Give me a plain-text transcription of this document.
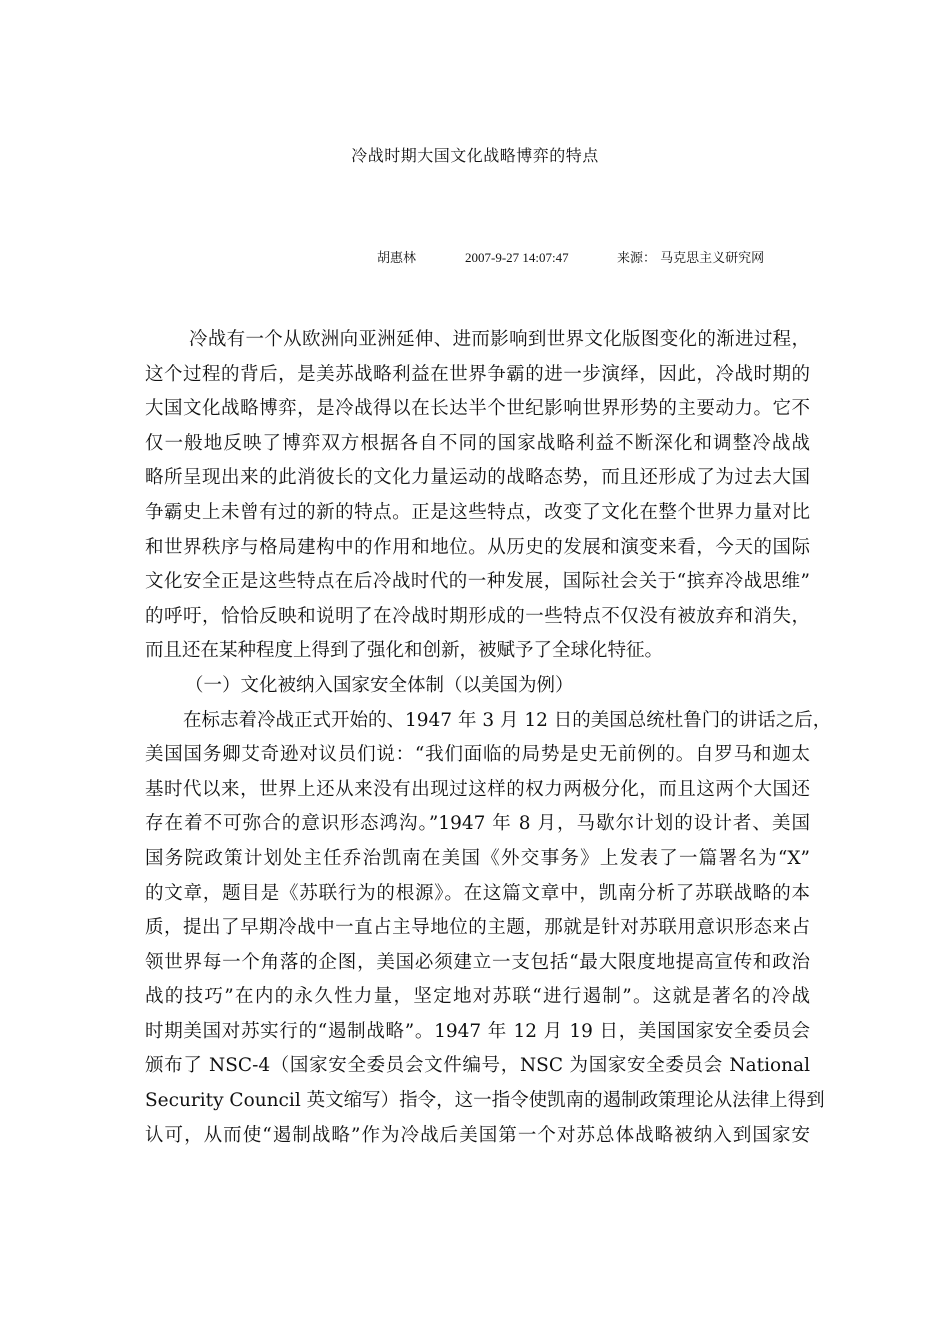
冷战时期大国文化战略博弈的特点
胡惠林	2007-9-27 14:07:47	来源： 马克思主义研究网
冷战有一个从欧洲向亚洲延伸、进而影响到世界文化版图变化的渐进过程，
这个过程的背后，是美苏战略利益在世界争霸的进一步演绎，因此，冷战时期的
大国文化战略博弈，是冷战得以在长达半个世纪影响世界形势的主要动力。它不
仅一般地反映了博弈双方根据各自不同的国家战略利益不断深化和调整冷战战
略所呈现出来的此消彼长的文化力量运动的战略态势，而且还形成了为过去大国
争霸史上未曾有过的新的特点。正是这些特点，改变了文化在整个世界力量对比
和世界秩序与格局建构中的作用和地位。从历史的发展和演变来看，今天的国际
文化安全正是这些特点在后冷战时代的一种发展，国际社会关于“摈弃冷战思维”
的呼吁，恰恰反映和说明了在冷战时期形成的一些特点不仅没有被放弃和消失，
而且还在某种程度上得到了强化和创新，被赋予了全球化特征。
（一）文化被纳入国家安全体制（以美国为例）
在标志着冷战正式开始的、1947 年 3 月 12 日的美国总统杜鲁门的讲话之后，
美国国务卿艾奇逊对议员们说：“我们面临的局势是史无前例的。自罗马和迦太
基时代以来，世界上还从来没有出现过这样的权力两极分化，而且这两个大国还
存在着不可弥合的意识形态鸿沟。”1947 年 8 月，马歇尔计划的设计者、美国
国务院政策计划处主任乔治凯南在美国《外交事务》上发表了一篇署名为“X”
的文章，题目是《苏联行为的根源》。在这篇文章中，凯南分析了苏联战略的本
质，提出了早期冷战中一直占主导地位的主题，那就是针对苏联用意识形态来占
领世界每一个角落的企图，美国必须建立一支包括“最大限度地提高宣传和政治
战的技巧”在内的永久性力量，坚定地对苏联“进行遏制”。这就是著名的冷战
时期美国对苏实行的“遏制战略”。1947 年 12 月 19 日，美国国家安全委员会
颁布了 NSC-4（国家安全委员会文件编号，NSC 为国家安全委员会 National
Security Council 英文缩写）指令，这一指令使凯南的遏制政策理论从法律上得到
认可，从而使“遏制战略”作为冷战后美国第一个对苏总体战略被纳入到国家安
